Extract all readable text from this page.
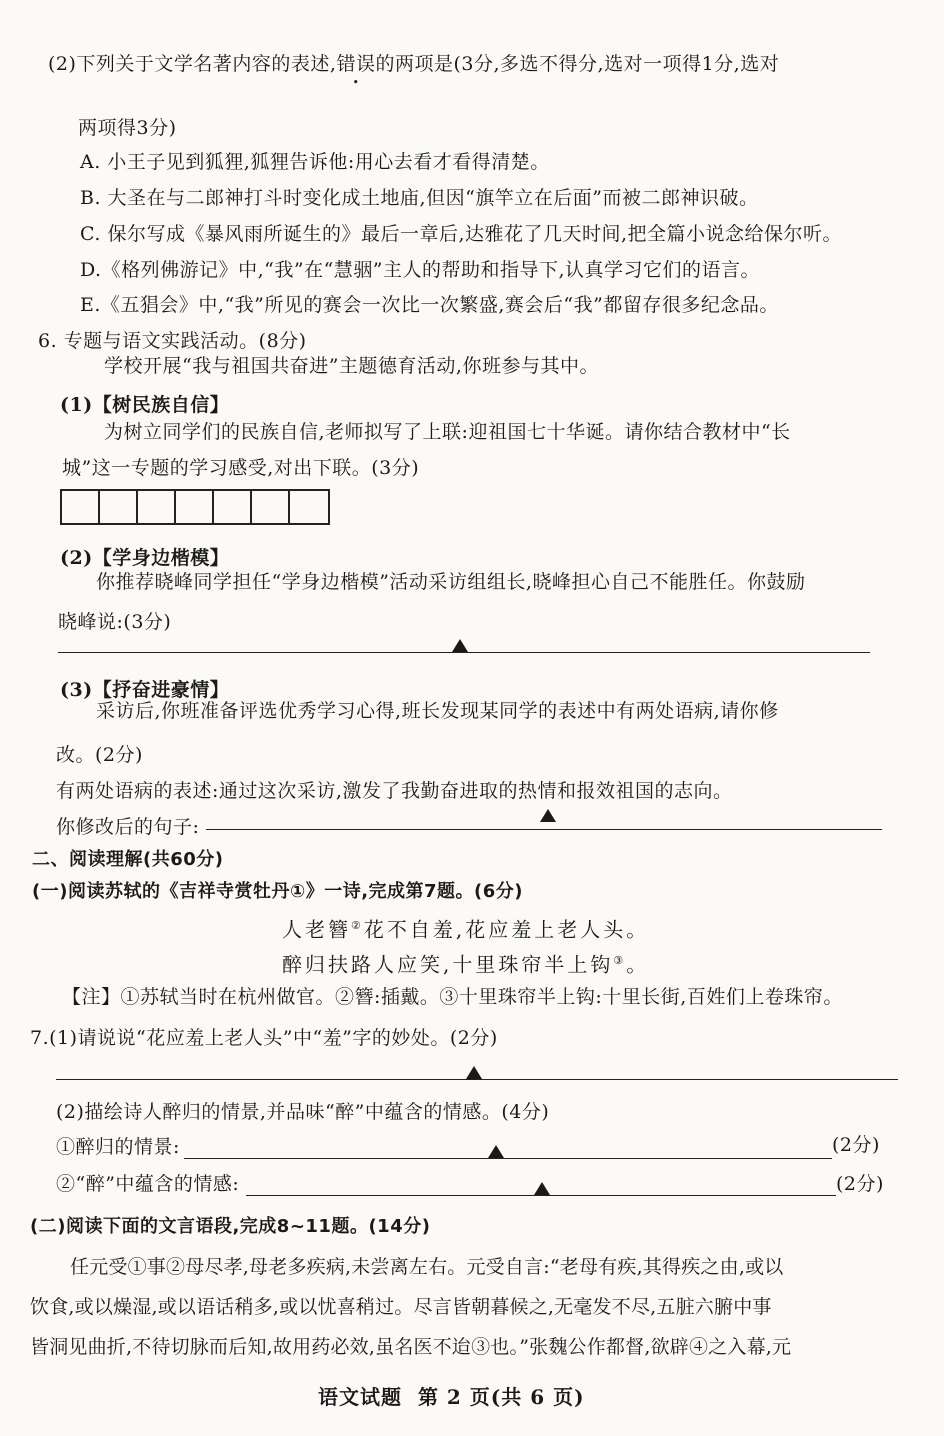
(2)下列关于文学名著内容的表述,错误的两项是(3分,多选不得分,选对一项得1分,选对
两项得3分)
A. 小王子见到狐狸,狐狸告诉他:用心去看才看得清楚。
B. 大圣在与二郎神打斗时变化成土地庙,但因“旗竿立在后面”而被二郎神识破。
C. 保尔写成《暴风雨所诞生的》最后一章后,达雅花了几天时间,把全篇小说念给保尔听。
D.《格列佛游记》中,“我”在“慧骃”主人的帮助和指导下,认真学习它们的语言。
E.《五猖会》中,“我”所见的赛会一次比一次繁盛,赛会后“我”都留存很多纪念品。
6. 专题与语文实践活动。(8分)
学校开展“我与祖国共奋进”主题德育活动,你班参与其中。
(1)【树民族自信】
为树立同学们的民族自信,老师拟写了上联:迎祖国七十华诞。请你结合教材中“长
城”这一专题的学习感受,对出下联。(3分)
(2)【学身边楷模】
你推荐晓峰同学担任“学身边楷模”活动采访组组长,晓峰担心自己不能胜任。你鼓励
晓峰说:(3分)
(3)【抒奋进豪情】
采访后,你班准备评选优秀学习心得,班长发现某同学的表述中有两处语病,请你修
改。(2分)
有两处语病的表述:通过这次采访,激发了我勤奋进取的热情和报效祖国的志向。
你修改后的句子:
二、阅读理解(共60分)
(一)阅读苏轼的《吉祥寺赏牡丹①》一诗,完成第7题。(6分)
人老簪②花不自羞,花应羞上老人头。
醉归扶路人应笑,十里珠帘半上钩③。
【注】①苏轼当时在杭州做官。②簪:插戴。③十里珠帘半上钩:十里长街,百姓们上卷珠帘。
7.(1)请说说“花应羞上老人头”中“羞”字的妙处。(2分)
(2)描绘诗人醉归的情景,并品味“醉”中蕴含的情感。(4分)
①醉归的情景:	(2分)
②“醉”中蕴含的情感:	(2分)
(二)阅读下面的文言语段,完成8~11题。(14分)
任元受①事②母尽孝,母老多疾病,未尝离左右。元受自言:“老母有疾,其得疾之由,或以
饮食,或以燥湿,或以语话稍多,或以忧喜稍过。尽言皆朝暮候之,无毫发不尽,五脏六腑中事
皆洞见曲折,不待切脉而后知,故用药必效,虽名医不迨③也。”张魏公作都督,欲辟④之入幕,元
语文试题 第 2 页(共 6 页)
